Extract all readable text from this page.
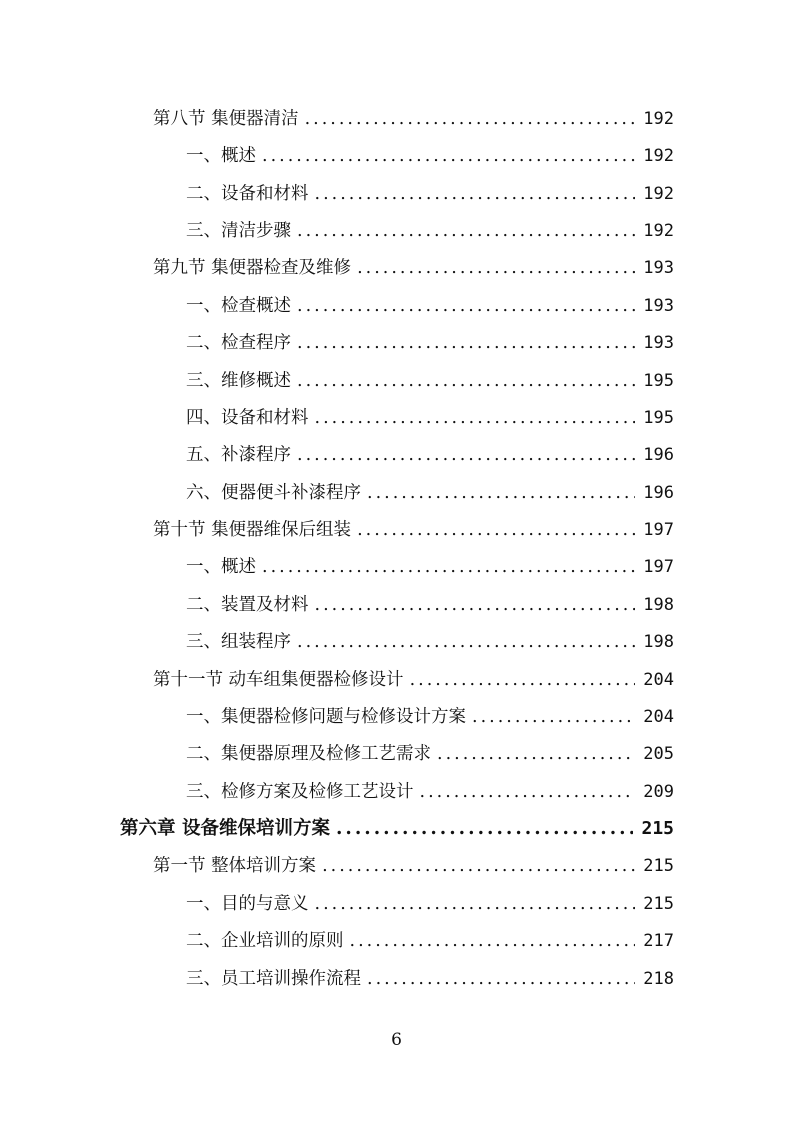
第八节 集便器清洁 .....	192
一、概述 .....	192
二、设备和材料 .....	192
三、清洁步骤 .....	192
第九节 集便器检查及维修 .....	193
一、检查概述 .....	193
二、检查程序 .....	193
三、维修概述 .....	195
四、设备和材料 .....	195
五、补漆程序 .....	196
六、便器便斗补漆程序 .....	196
第十节 集便器维保后组装 .....	197
一、概述 .....	197
二、装置及材料 .....	198
三、组装程序 .....	198
第十一节 动车组集便器检修设计 .....	204
一、集便器检修问题与检修设计方案 .....	204
二、集便器原理及检修工艺需求 .....	205
三、检修方案及检修工艺设计 .....	209
第六章 设备维保培训方案 .....	215
第一节 整体培训方案 .....	215
一、目的与意义 .....	215
二、企业培训的原则 .....	217
三、员工培训操作流程 .....	218
6
